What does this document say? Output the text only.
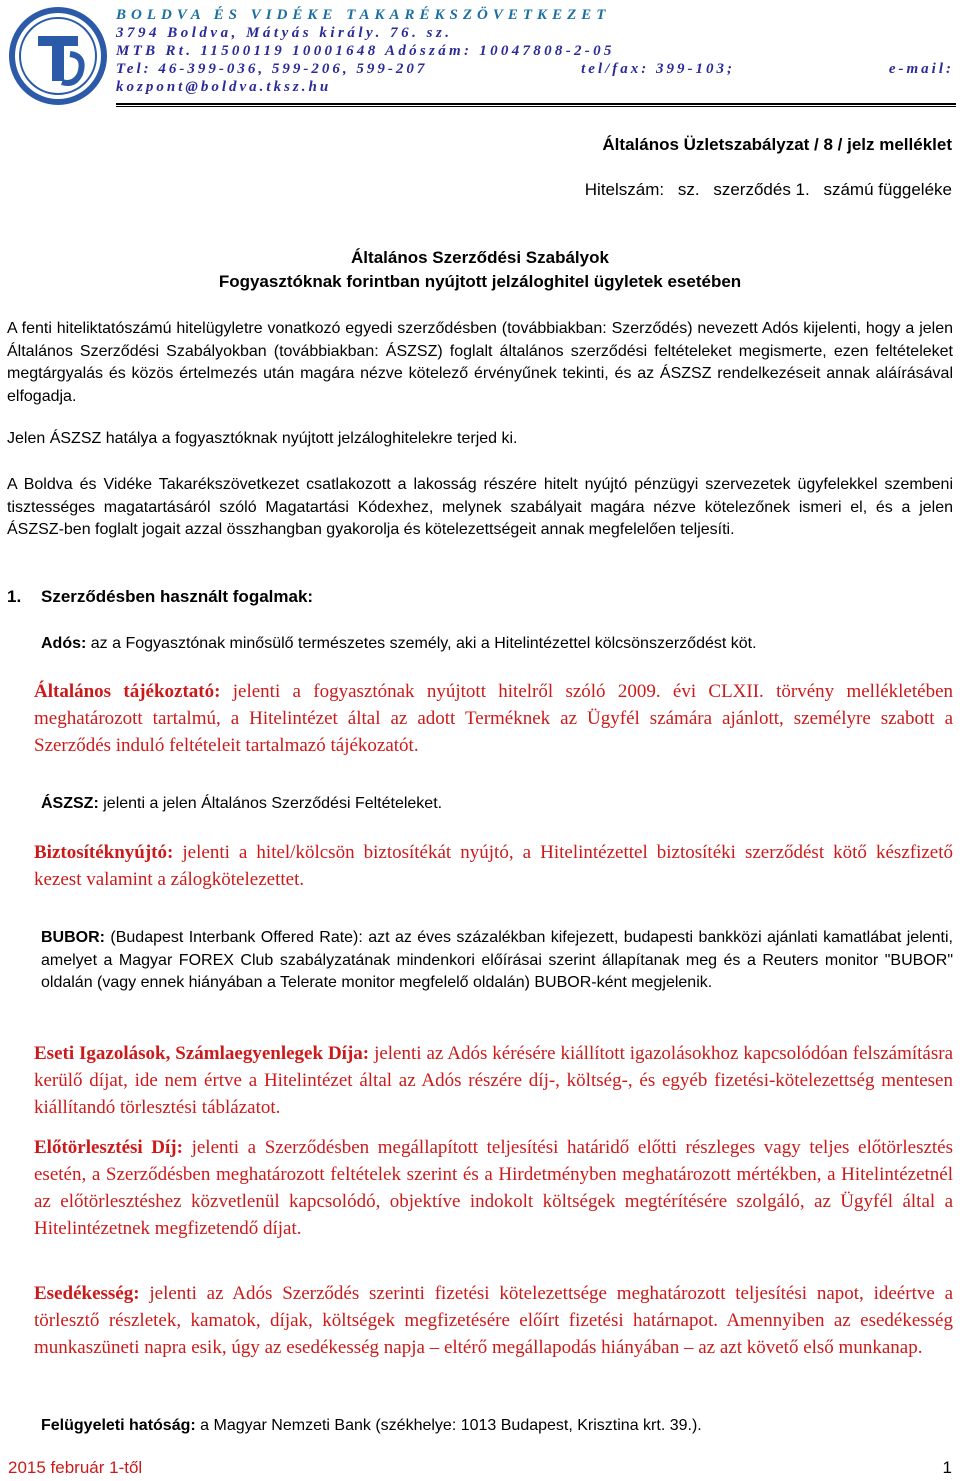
BOLDVA ÉS VIDÉKE TAKARÉKSZÖVETKEZET
3794 Boldva, Mátyás király. 76. sz.
MTB Rt. 11500119 10001648 Adószám: 10047808-2-05
Tel: 46-399-036, 599-206, 599-207	tel/fax: 399-103;	e-mail:
kozpont@boldva.tksz.hu
Általános Üzletszabályzat / 8 / jelz melléklet
Hitelszám: sz. szerződés 1. számú függeléke
Általános Szerződési Szabályok
Fogyasztóknak forintban nyújtott jelzáloghitel ügyletek esetében
A fenti hiteliktatószámú hitelügyletre vonatkozó egyedi szerződésben (továbbiakban: Szerződés) nevezett Adós kijelenti, hogy a jelen Általános Szerződési Szabályokban (továbbiakban: ÁSZSZ) foglalt általános szerződési feltételeket megismerte, ezen feltételeket megtárgyalás és közös értelmezés után magára nézve kötelező érvényűnek tekinti, és az ÁSZSZ rendelkezéseit annak aláírásával elfogadja.
Jelen ÁSZSZ hatálya a fogyasztóknak nyújtott jelzáloghitelekre terjed ki.
A Boldva és Vidéke Takarékszövetkezet csatlakozott a lakosság részére hitelt nyújtó pénzügyi szervezetek ügyfelekkel szembeni tisztességes magatartásáról szóló Magatartási Kódexhez, melynek szabályait magára nézve kötelezőnek ismeri el, és a jelen ÁSZSZ-ben foglalt jogait azzal összhangban gyakorolja és kötelezettségeit annak megfelelően teljesíti.
1. Szerződésben használt fogalmak:
Adós: az a Fogyasztónak minősülő természetes személy, aki a Hitelintézettel kölcsönszerződést köt.
Általános tájékoztató: jelenti a fogyasztónak nyújtott hitelről szóló 2009. évi CLXII. törvény mellékletében meghatározott tartalmú, a Hitelintézet által az adott Terméknek az Ügyfél számára ajánlott, személyre szabott a Szerződés induló feltételeit tartalmazó tájékozatót.
ÁSZSZ: jelenti a jelen Általános Szerződési Feltételeket.
Biztosítéknyújtó: jelenti a hitel/kölcsön biztosítékát nyújtó, a Hitelintézettel biztosítéki szerződést kötő készfizető kezest valamint a zálogkötelezettet.
BUBOR: (Budapest Interbank Offered Rate): azt az éves százalékban kifejezett, budapesti bankközi ajánlati kamatlábat jelenti, amelyet a Magyar FOREX Club szabályzatának mindenkori előírásai szerint állapítanak meg és a Reuters monitor "BUBOR" oldalán (vagy ennek hiányában a Telerate monitor megfelelő oldalán) BUBOR-ként megjelenik.
Eseti Igazolások, Számlaegyenlegek Díja: jelenti az Adós kérésére kiállított igazolásokhoz kapcsolódóan felszámításra kerülő díjat, ide nem értve a Hitelintézet által az Adós részére díj-, költség-, és egyéb fizetési-kötelezettség mentesen kiállítandó törlesztési táblázatot.
Előtörlesztési Díj: jelenti a Szerződésben megállapított teljesítési határidő előtti részleges vagy teljes előtörlesztés esetén, a Szerződésben meghatározott feltételek szerint és a Hirdetményben meghatározott mértékben, a Hitelintézetnél az előtörlesztéshez közvetlenül kapcsolódó, objektíve indokolt költségek megtérítésére szolgáló, az Ügyfél által a Hitelintézetnek megfizetendő díjat.
Esedékesség: jelenti az Adós Szerződés szerinti fizetési kötelezettsége meghatározott teljesítési napot, ideértve a törlesztő részletek, kamatok, díjak, költségek megfizetésére előírt fizetési határnapot. Amennyiben az esedékesség munkaszüneti napra esik, úgy az esedékesség napja – eltérő megállapodás hiányában – az azt követő első munkanap.
Felügyeleti hatóság: a Magyar Nemzeti Bank (székhelye: 1013 Budapest, Krisztina krt. 39.).
2015 február 1-től	1
